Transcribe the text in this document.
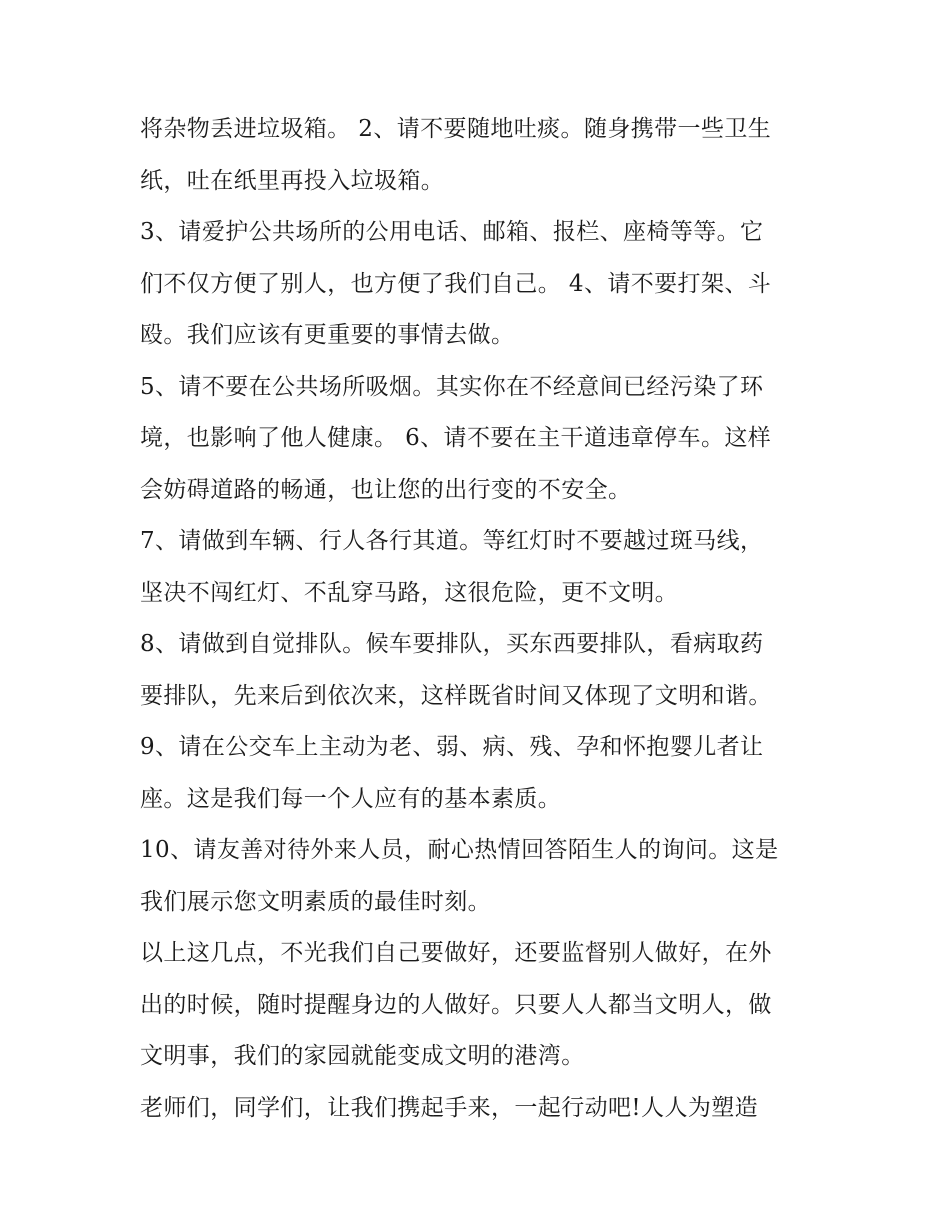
将杂物丢进垃圾箱。 2、请不要随地吐痰。随身携带一些卫生
纸，吐在纸里再投入垃圾箱。
3、请爱护公共场所的公用电话、邮箱、报栏、座椅等等。它
们不仅方便了别人，也方便了我们自己。 4、请不要打架、斗
殴。我们应该有更重要的事情去做。
5、请不要在公共场所吸烟。其实你在不经意间已经污染了环
境，也影响了他人健康。 6、请不要在主干道违章停车。这样
会妨碍道路的畅通，也让您的出行变的不安全。
7、请做到车辆、行人各行其道。等红灯时不要越过斑马线，
坚决不闯红灯、不乱穿马路，这很危险，更不文明。
8、请做到自觉排队。候车要排队，买东西要排队，看病取药
要排队，先来后到依次来，这样既省时间又体现了文明和谐。
9、请在公交车上主动为老、弱、病、残、孕和怀抱婴儿者让
座。这是我们每一个人应有的基本素质。
10、请友善对待外来人员，耐心热情回答陌生人的询问。这是
我们展示您文明素质的最佳时刻。
以上这几点，不光我们自己要做好，还要监督别人做好，在外
出的时候，随时提醒身边的人做好。只要人人都当文明人，做
文明事，我们的家园就能变成文明的港湾。
老师们，同学们，让我们携起手来，一起行动吧!人人为塑造
